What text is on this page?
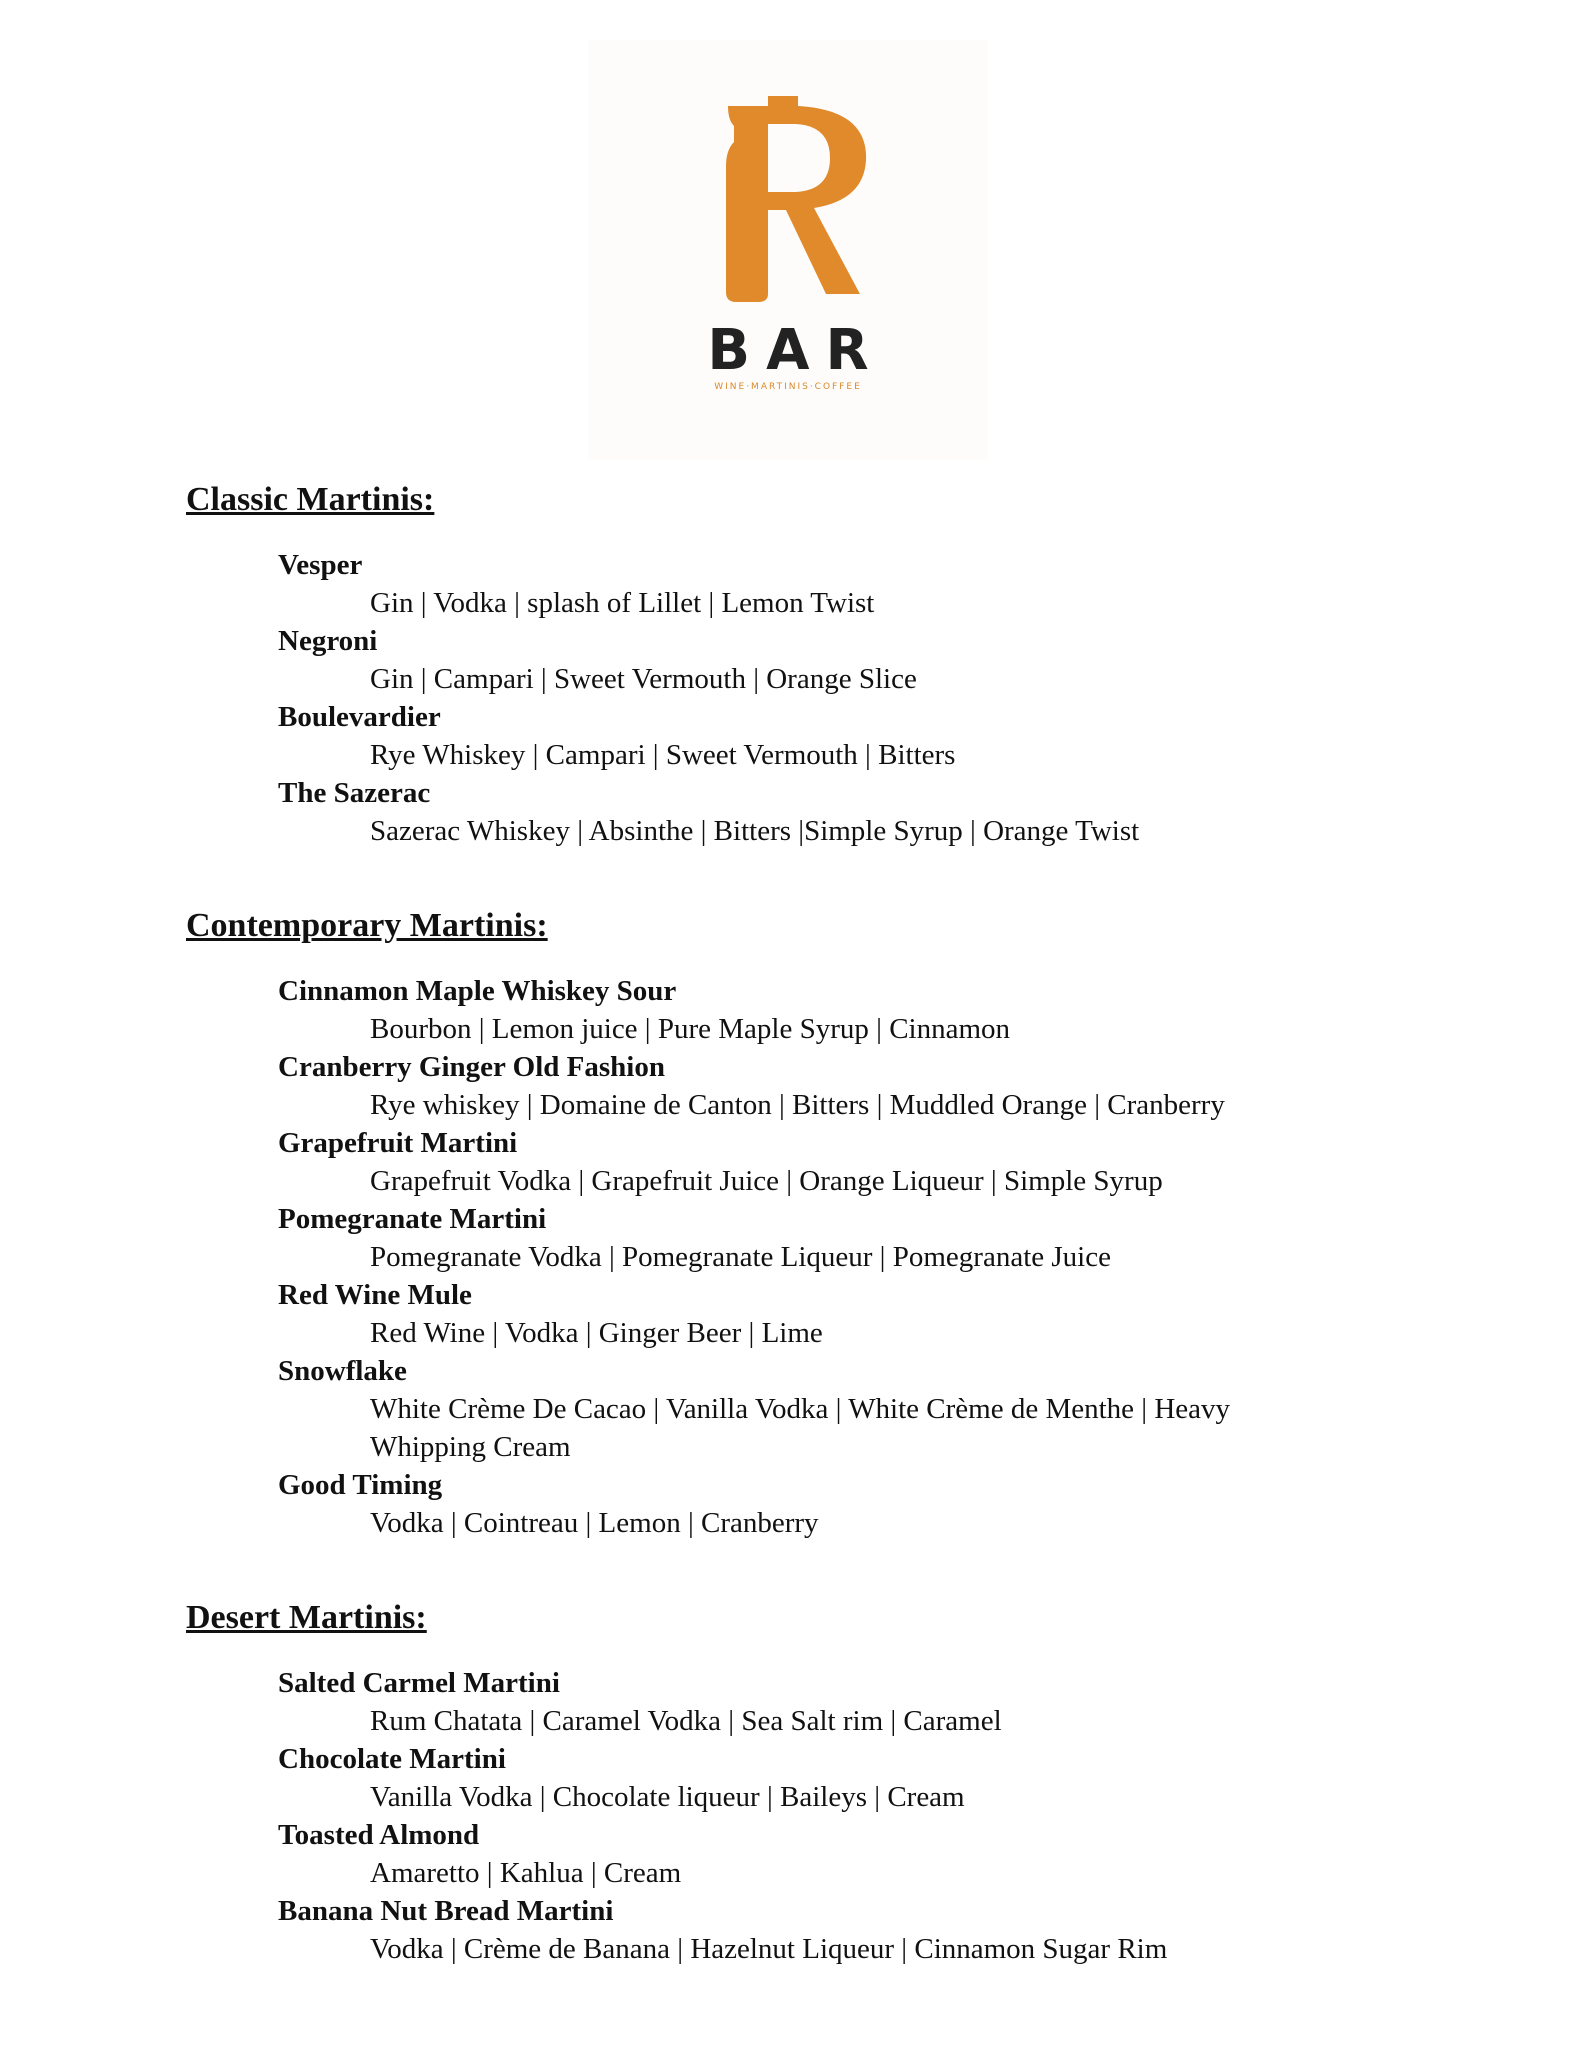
BAR
WINE·MARTINIS·COFFEE
Classic Martinis:
Vesper
Gin | Vodka | splash of Lillet | Lemon Twist
Negroni
Gin | Campari | Sweet Vermouth | Orange Slice
Boulevardier
Rye Whiskey | Campari | Sweet Vermouth | Bitters
The Sazerac
Sazerac Whiskey | Absinthe | Bitters |Simple Syrup | Orange Twist
Contemporary Martinis:
Cinnamon Maple Whiskey Sour
Bourbon | Lemon juice | Pure Maple Syrup | Cinnamon
Cranberry Ginger Old Fashion
Rye whiskey | Domaine de Canton | Bitters | Muddled Orange | Cranberry
Grapefruit Martini
Grapefruit Vodka | Grapefruit Juice | Orange Liqueur | Simple Syrup
Pomegranate Martini
Pomegranate Vodka | Pomegranate Liqueur | Pomegranate Juice
Red Wine Mule
Red Wine | Vodka | Ginger Beer | Lime
Snowflake
White Crème De Cacao | Vanilla Vodka | White Crème de Menthe | Heavy Whipping Cream
Good Timing
Vodka | Cointreau | Lemon | Cranberry
Desert Martinis:
Salted Carmel Martini
Rum Chatata | Caramel Vodka | Sea Salt rim | Caramel
Chocolate Martini
Vanilla Vodka | Chocolate liqueur | Baileys | Cream
Toasted Almond
Amaretto | Kahlua | Cream
Banana Nut Bread Martini
Vodka | Crème de Banana | Hazelnut Liqueur | Cinnamon Sugar Rim
